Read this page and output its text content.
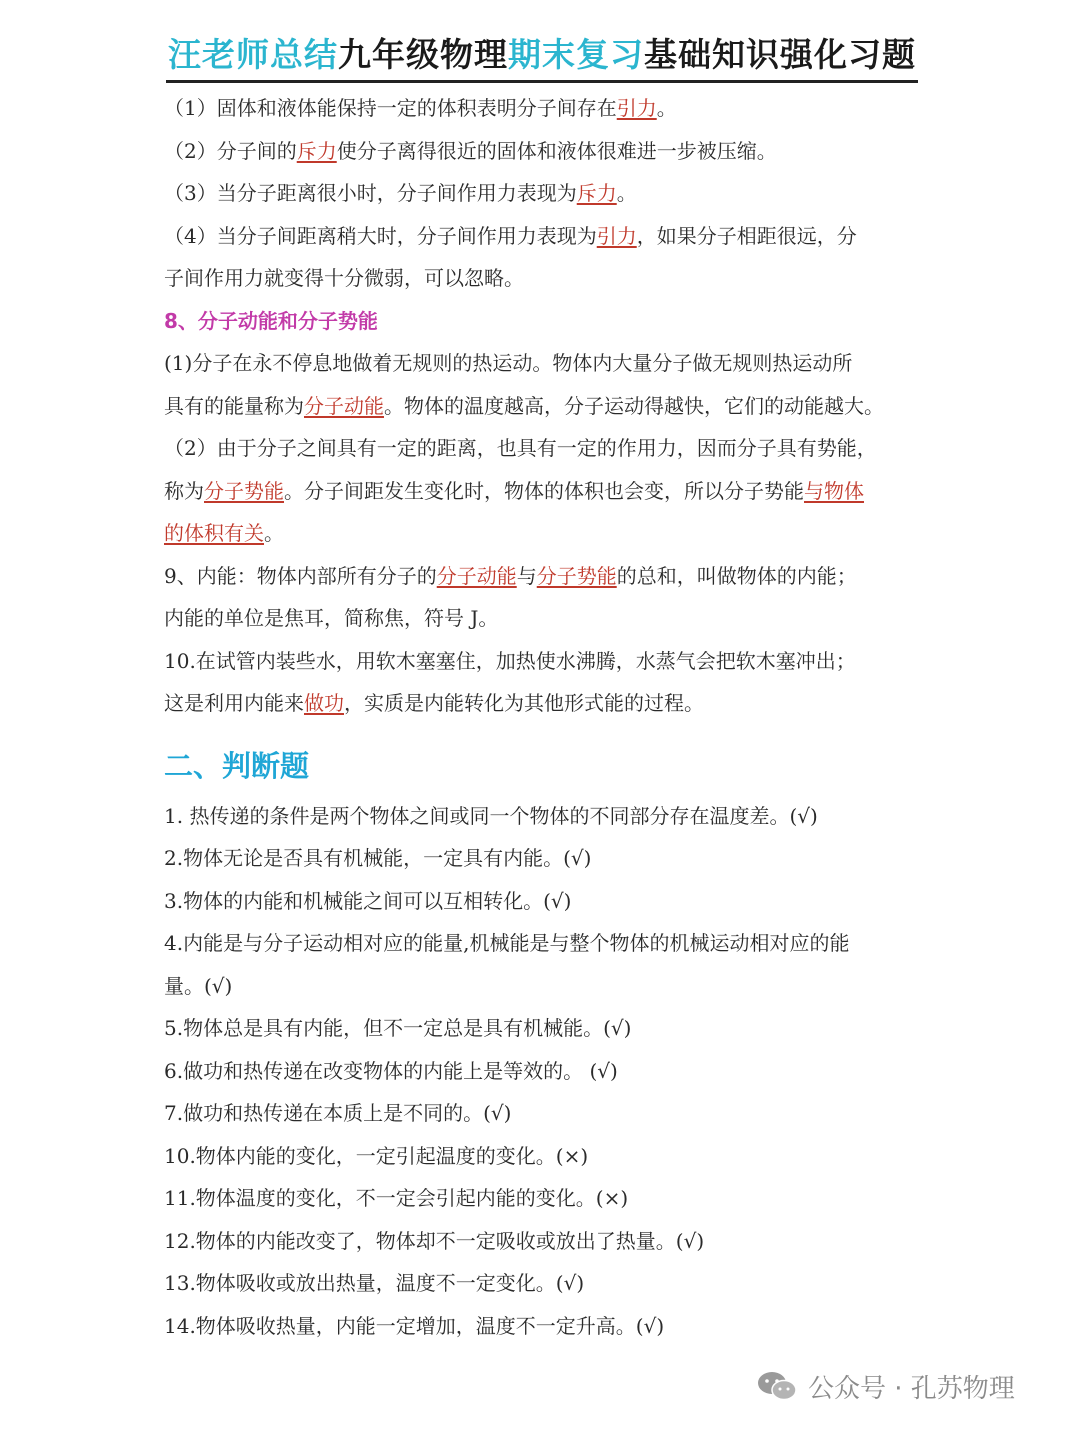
汪老师总结九年级物理期末复习基础知识强化习题
（1）固体和液体能保持一定的体积表明分子间存在引力。
（2）分子间的斥力使分子离得很近的固体和液体很难进一步被压缩。
（3）当分子距离很小时，分子间作用力表现为斥力。
（4）当分子间距离稍大时，分子间作用力表现为引力，如果分子相距很远，分
子间作用力就变得十分微弱，可以忽略。
8、分子动能和分子势能
(1)分子在永不停息地做着无规则的热运动。物体内大量分子做无规则热运动所
具有的能量称为分子动能。物体的温度越高，分子运动得越快，它们的动能越大。
（2）由于分子之间具有一定的距离，也具有一定的作用力，因而分子具有势能，
称为分子势能。分子间距发生变化时，物体的体积也会变，所以分子势能与物体
的体积有关。
9、内能：物体内部所有分子的分子动能与分子势能的总和，叫做物体的内能；
内能的单位是焦耳，简称焦，符号 J。
10.在试管内装些水，用软木塞塞住，加热使水沸腾，水蒸气会把软木塞冲出；
这是利用内能来做功，实质是内能转化为其他形式能的过程。
二、判断题
1. 热传递的条件是两个物体之间或同一个物体的不同部分存在温度差。(√)
2.物体无论是否具有机械能，一定具有内能。(√)
3.物体的内能和机械能之间可以互相转化。(√)
4.内能是与分子运动相对应的能量,机械能是与整个物体的机械运动相对应的能
量。(√)
5.物体总是具有内能，但不一定总是具有机械能。(√)
6.做功和热传递在改变物体的内能上是等效的。 (√)
7.做功和热传递在本质上是不同的。(√)
10.物体内能的变化，一定引起温度的变化。(×)
11.物体温度的变化，不一定会引起内能的变化。(×)
12.物体的内能改变了，物体却不一定吸收或放出了热量。(√)
13.物体吸收或放出热量，温度不一定变化。(√)
14.物体吸收热量，内能一定增加，温度不一定升高。(√)
公众号 · 孔苏物理
